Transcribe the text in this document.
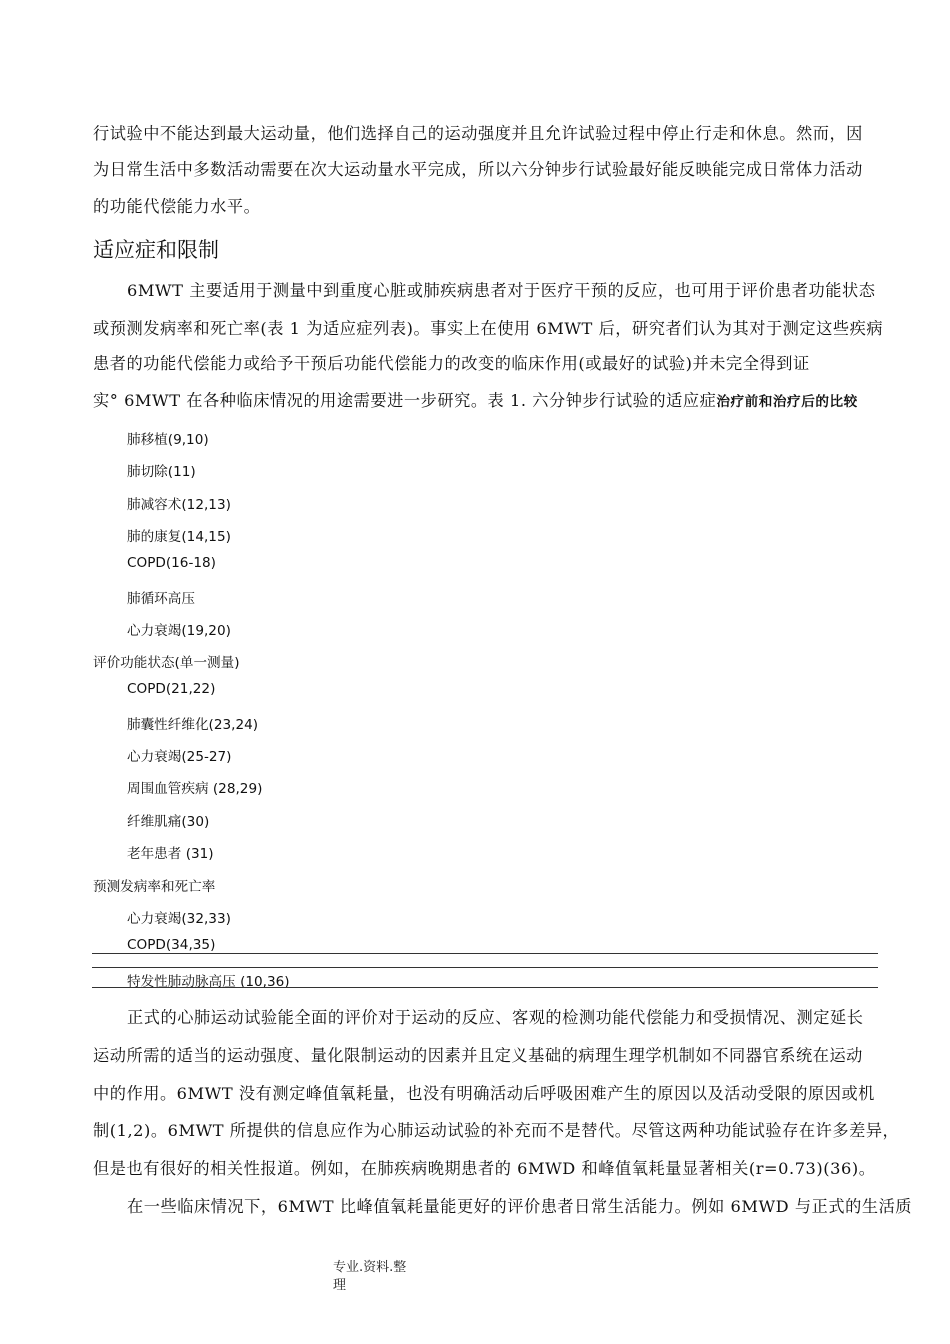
行试验中不能达到最大运动量，他们选择自己的运动强度并且允许试验过程中停止行走和休息。然而，因
为日常生活中多数活动需要在次大运动量水平完成，所以六分钟步行试验最好能反映能完成日常体力活动
的功能代偿能力水平。
适应症和限制
6MWT 主要适用于测量中到重度心脏或肺疾病患者对于医疗干预的反应，也可用于评价患者功能状态
或预测发病率和死亡率(表 1 为适应症列表)。事实上在使用 6MWT 后，研究者们认为其对于测定这些疾病
患者的功能代偿能力或给予干预后功能代偿能力的改变的临床作用(或最好的试验)并未完全得到证
实° 6MWT 在各种临床情况的用途需要进一步研究。表 1. 六分钟步行试验的适应症治疗前和治疗后的比较
肺移植(9,10)
肺切除(11)
肺减容术(12,13)
肺的康复(14,15)
COPD(16-18)
肺循环高压
心力衰竭(19,20)
评价功能状态(单一测量)
COPD(21,22)
肺囊性纤维化(23,24)
心力衰竭(25-27)
周围血管疾病 (28,29)
纤维肌痛(30)
老年患者 (31)
预测发病率和死亡率
心力衰竭(32,33)
COPD(34,35)
特发性肺动脉高压 (10,36)
正式的心肺运动试验能全面的评价对于运动的反应、客观的检测功能代偿能力和受损情况、测定延长
运动所需的适当的运动强度、量化限制运动的因素并且定义基础的病理生理学机制如不同器官系统在运动
中的作用。6MWT 没有测定峰值氧耗量，也没有明确活动后呼吸困难产生的原因以及活动受限的原因或机
制(1,2)。6MWT 所提供的信息应作为心肺运动试验的补充而不是替代。尽管这两种功能试验存在许多差异，
但是也有很好的相关性报道。例如，在肺疾病晚期患者的 6MWD 和峰值氧耗量显著相关(r=0.73)(36)。
在一些临床情况下，6MWT 比峰值氧耗量能更好的评价患者日常生活能力。例如 6MWD 与正式的生活质
专业.资料.整
理
